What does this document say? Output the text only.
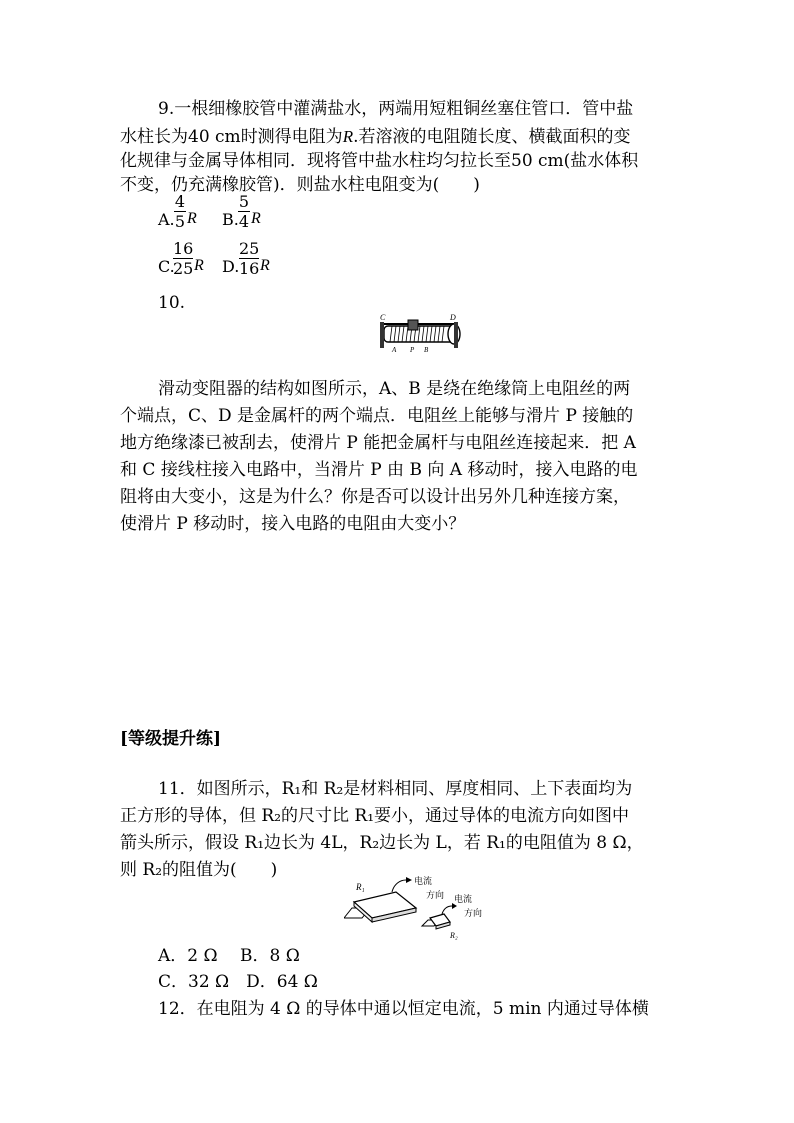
9.一根细橡胶管中灌满盐水，两端用短粗铜丝塞住管口．管中盐
水柱长为40 cm时测得电阻为R.若溶液的电阻随长度、横截面积的变
化规律与金属导体相同．现将管中盐水柱均匀拉长至50 cm(盐水体积
不变，仍充满橡胶管)．则盐水柱电阻变为(　　)
A.
4
5 R B.
5
4 R
C.
16
25 R D.
25
16 R
10.
C	D
A P B
滑动变阻器的结构如图所示，A、B 是绕在绝缘筒上电阻丝的两
个端点，C、D 是金属杆的两个端点．电阻丝上能够与滑片 P 接触的
地方绝缘漆已被刮去，使滑片 P 能把金属杆与电阻丝连接起来．把 A
和 C 接线柱接入电路中，当滑片 P 由 B 向 A 移动时，接入电路的电
阻将由大变小，这是为什么？你是否可以设计出另外几种连接方案，
使滑片 P 移动时，接入电路的电阻由大变小？
[等级提升练]
11．如图所示，R₁和 R₂是材料相同、厚度相同、上下表面均为
正方形的导体，但 R₂的尺寸比 R₁要小，通过导体的电流方向如图中
箭头所示，假设 R₁边长为 4L，R₂边长为 L，若 R₁的电阻值为 8 Ω，
则 R₂的阻值为(　　)
R₁	电流
方向 电流
方向
R₂
A．2 Ω　 B．8 Ω
C．32 Ω　D．64 Ω
12．在电阻为 4 Ω 的导体中通以恒定电流，5 min 内通过导体横
